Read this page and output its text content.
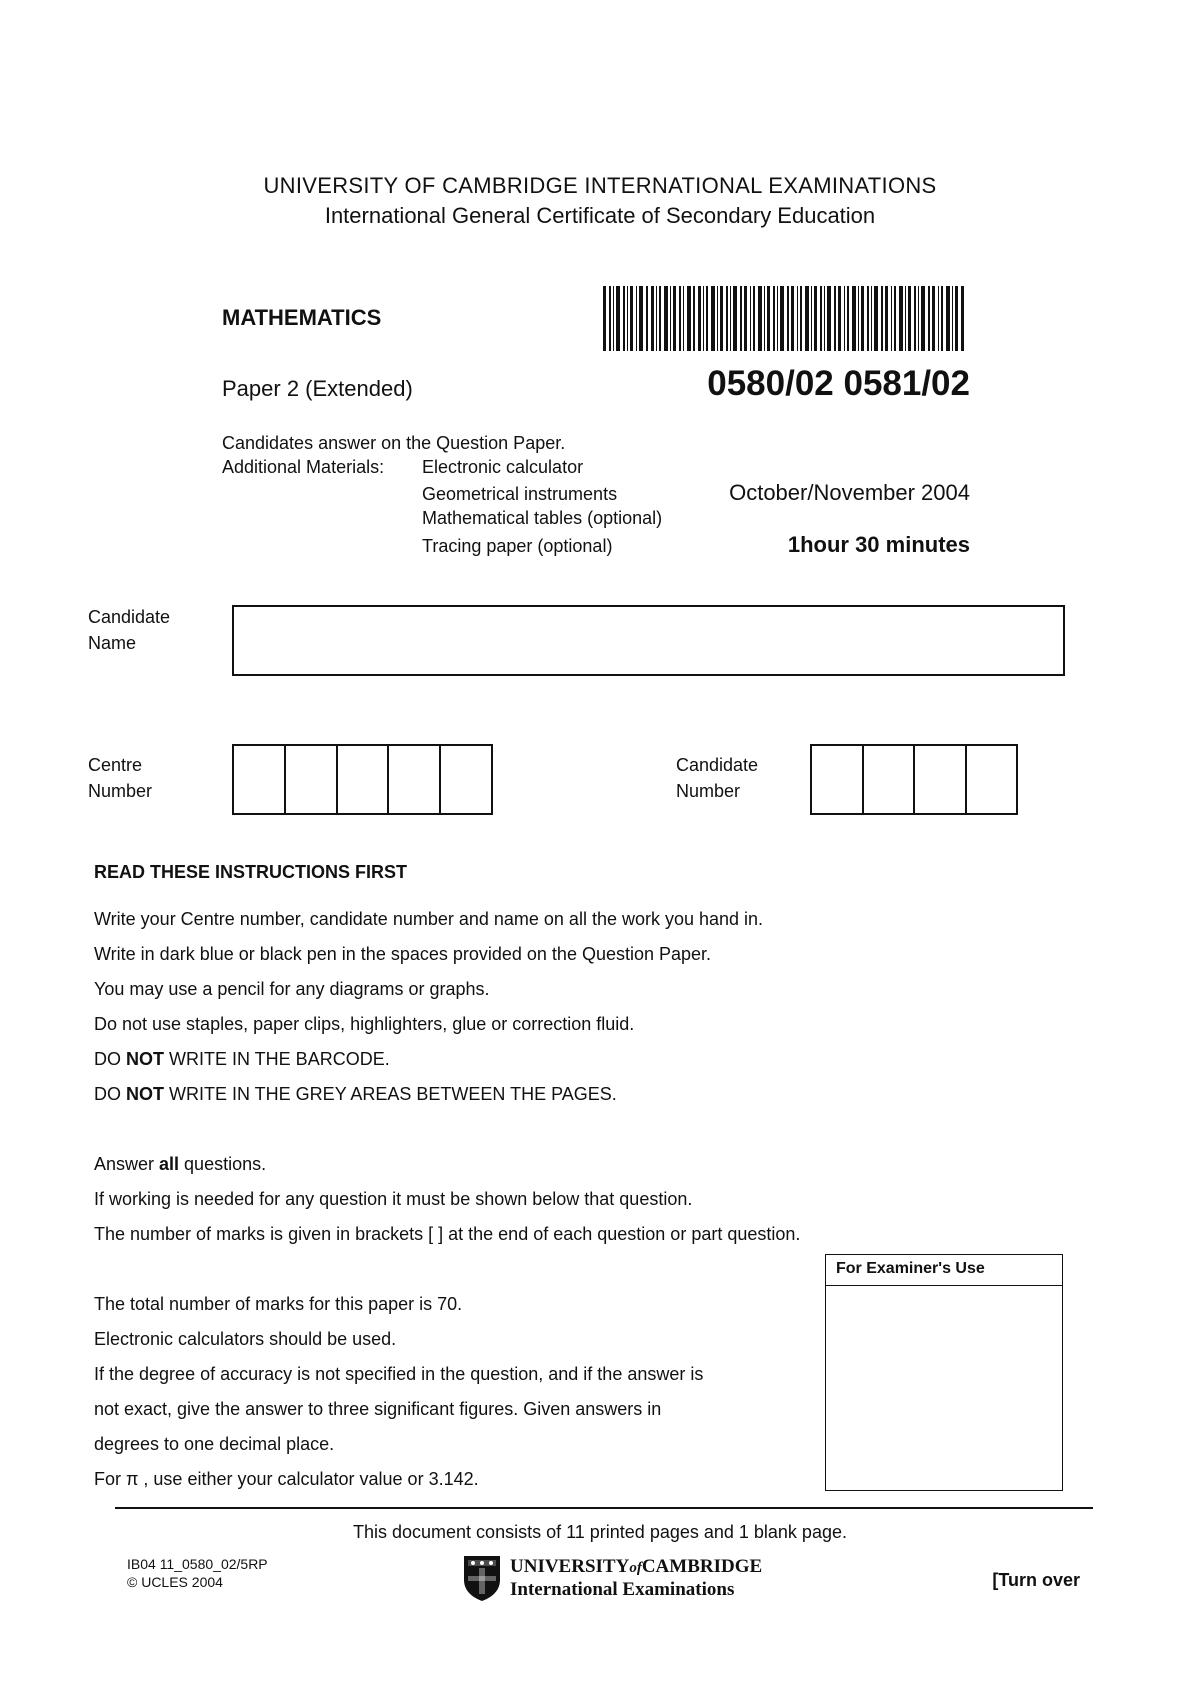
UNIVERSITY OF CAMBRIDGE INTERNATIONAL EXAMINATIONS
International General Certificate of Secondary Education
MATHEMATICS
Paper 2 (Extended)	0580/02 0581/02
Candidates answer on the Question Paper.
Additional Materials: Electronic calculator
Geometrical instruments
Mathematical tables (optional)
Tracing paper (optional)
October/November 2004
1hour 30 minutes
Candidate
Name
Centre
Number
Candidate
Number
READ THESE INSTRUCTIONS FIRST
Write your Centre number, candidate number and name on all the work you hand in.
Write in dark blue or black pen in the spaces provided on the Question Paper.
You may use a pencil for any diagrams or graphs.
Do not use staples, paper clips, highlighters, glue or correction fluid.
DO NOT WRITE IN THE BARCODE.
DO NOT WRITE IN THE GREY AREAS BETWEEN THE PAGES.
Answer all questions.
If working is needed for any question it must be shown below that question.
The number of marks is given in brackets [ ] at the end of each question or part question.
The total number of marks for this paper is 70.
Electronic calculators should be used.
If the degree of accuracy is not specified in the question, and if the answer is
not exact, give the answer to three significant figures. Given answers in
degrees to one decimal place.
For π , use either your calculator value or 3.142.
For Examiner's Use
This document consists of 11 printed pages and 1 blank page.
IB04 11_0580_02/5RP
© UCLES 2004
UNIVERSITYofCAMBRIDGE
International Examinations	[Turn over
